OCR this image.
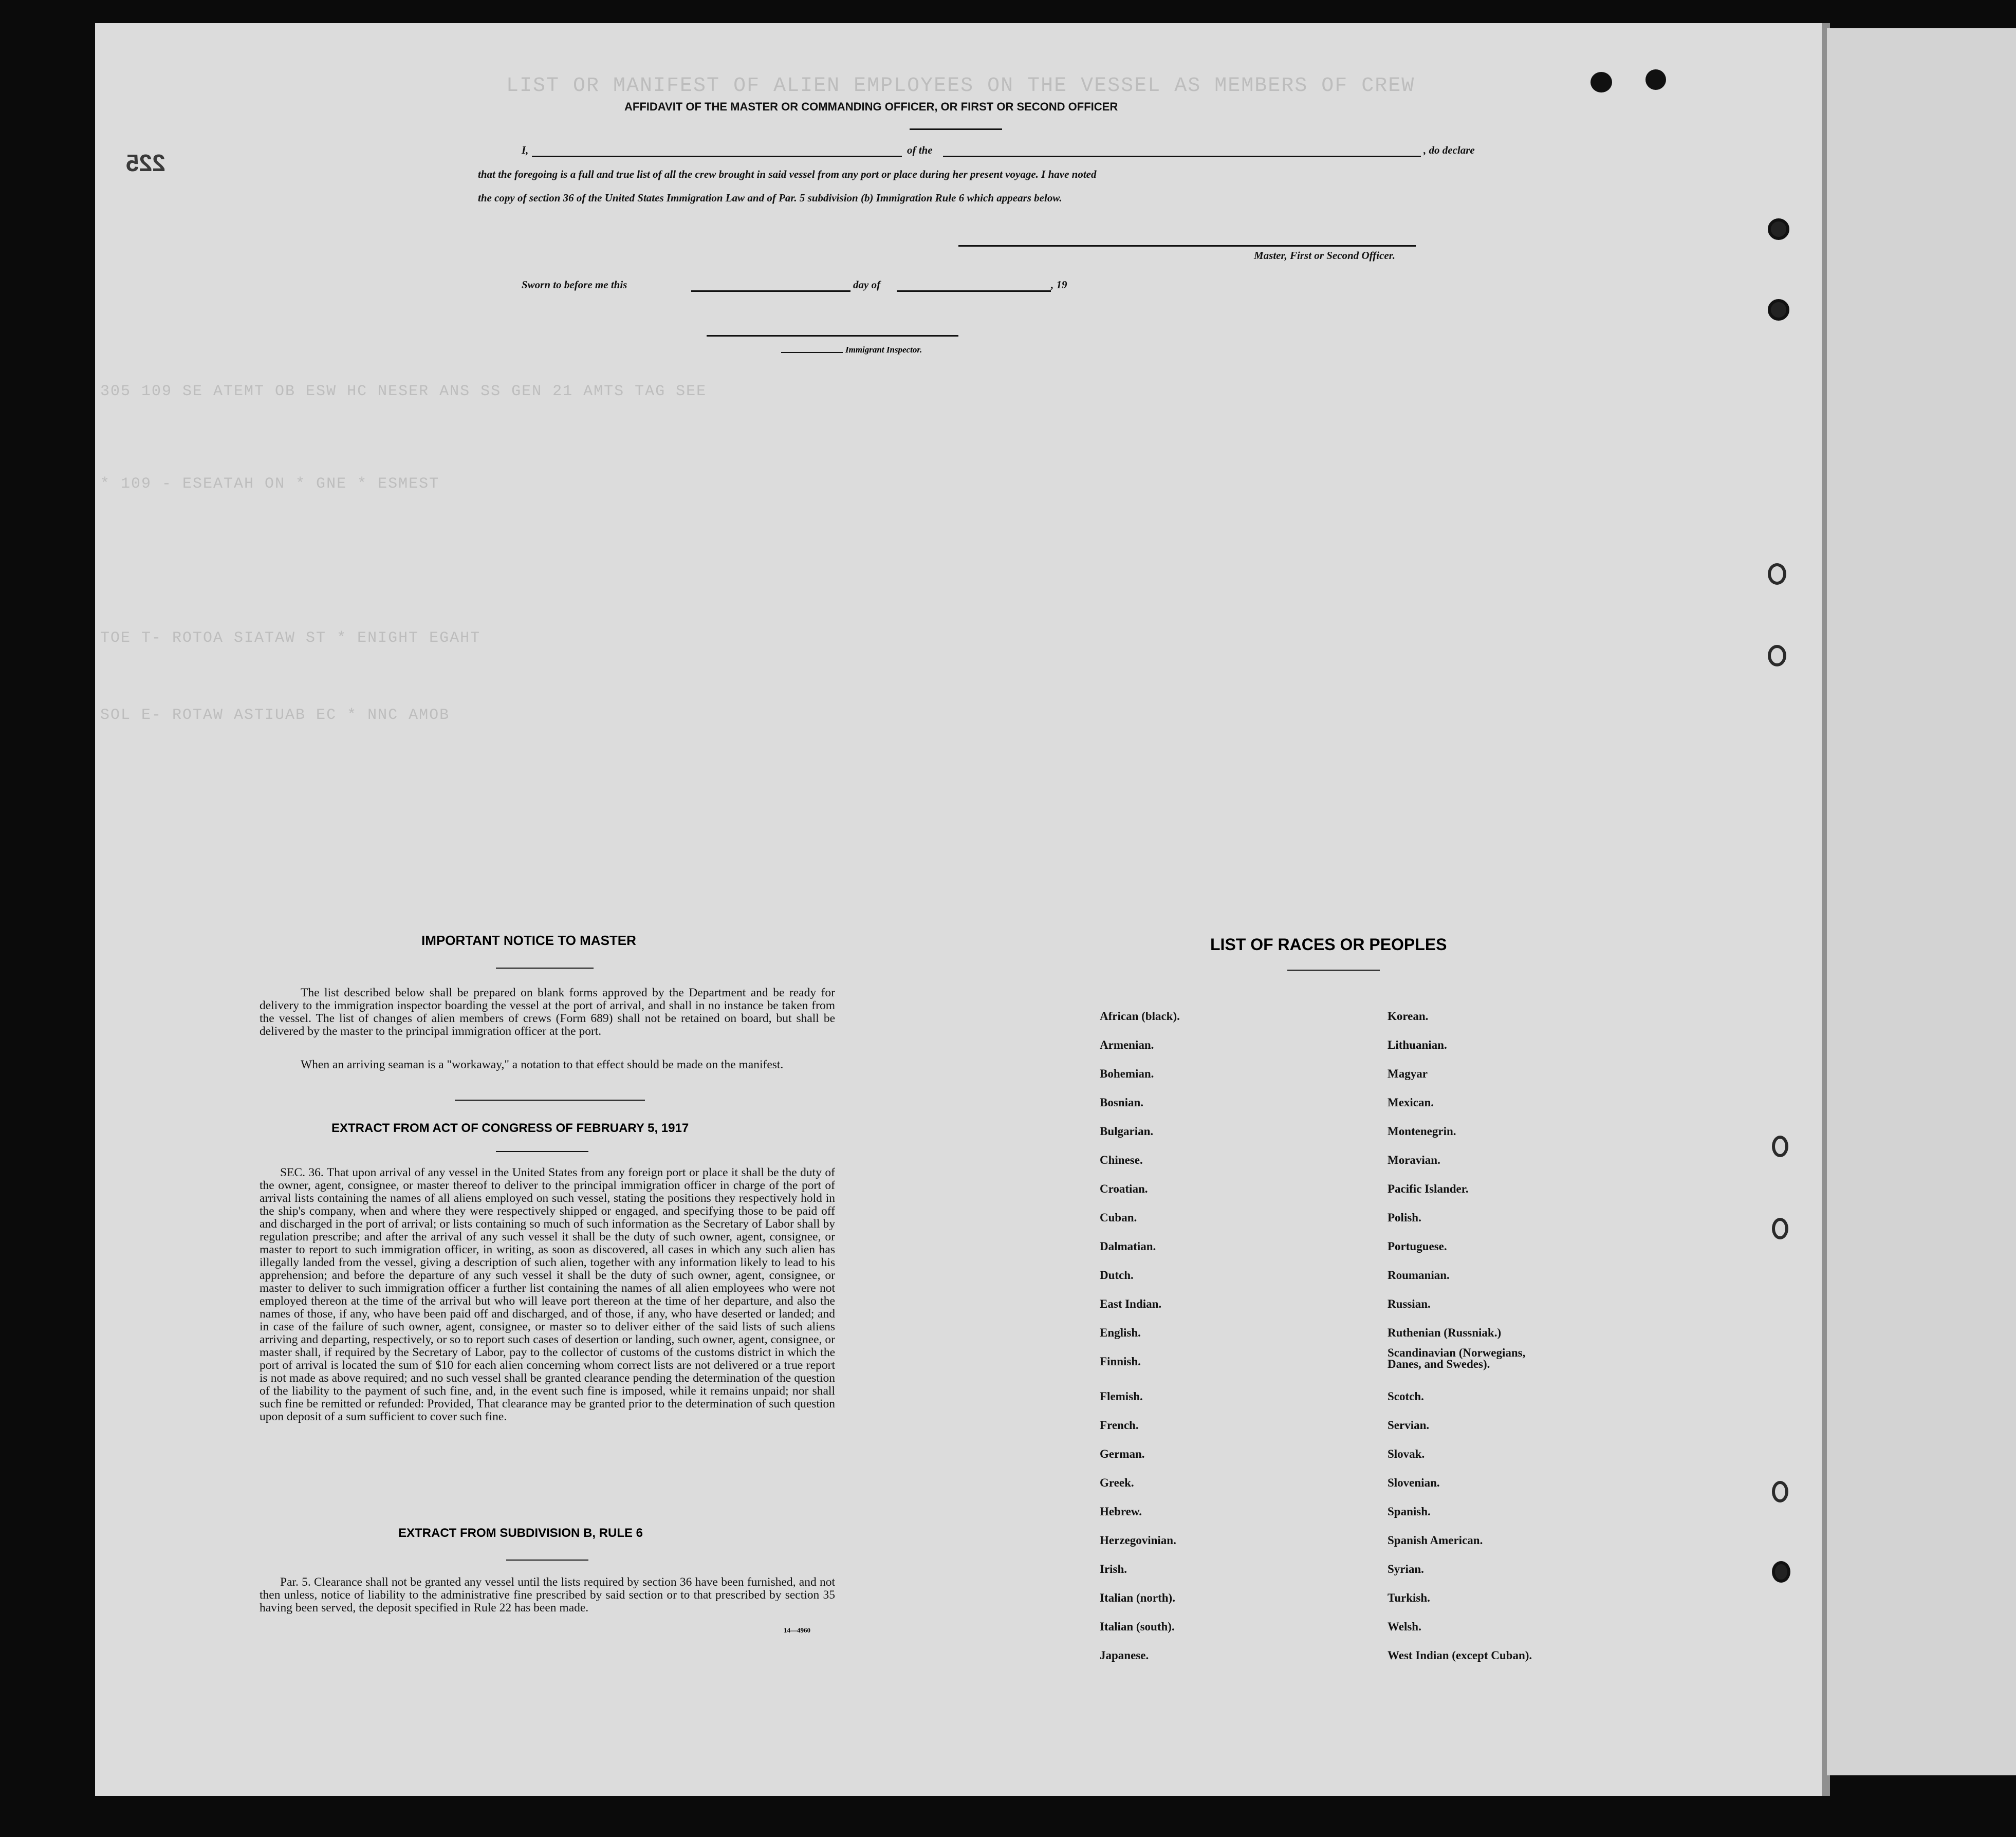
LIST OR MANIFEST OF ALIEN EMPLOYEES ON THE VESSEL AS MEMBERS OF CREW
305 109 SE ATEMT OB ESW HC NESER ANS SS GEN 21 AMTS TAG SEE
* 109 - ESEATAH ON * GNE * ESMEST
TOE T- ROTOA SIATAW ST * ENIGHT EGAHT
SOL E- ROTAW ASTIUAB EC * NNC AMOB
225
AFFIDAVIT OF THE MASTER OR COMMANDING OFFICER, OR FIRST OR SECOND OFFICER
I,	of the	, do declare
that the foregoing is a full and true list of all the crew brought in said vessel from any port or place during her present voyage. I have noted
the copy of section 36 of the United States Immigration Law and of Par. 5 subdivision (b) Immigration Rule 6 which appears below.
Master, First or Second Officer.
Sworn to before me this	day of	, 19
Immigrant Inspector.
IMPORTANT NOTICE TO MASTER
The list described below shall be prepared on blank forms approved by the Department and be ready for delivery to the immigration inspector boarding the vessel at the port of arrival, and shall in no instance be taken from the vessel. The list of changes of alien members of crews (Form 689) shall not be retained on board, but shall be delivered by the master to the principal immigration officer at the port.
When an arriving seaman is a "workaway," a notation to that effect should be made on the manifest.
EXTRACT FROM ACT OF CONGRESS OF FEBRUARY 5, 1917
SEC. 36. That upon arrival of any vessel in the United States from any foreign port or place it shall be the duty of the owner, agent, consignee, or master thereof to deliver to the principal immigration officer in charge of the port of arrival lists containing the names of all aliens employed on such vessel, stating the positions they respectively hold in the ship's company, when and where they were respectively shipped or engaged, and specifying those to be paid off and discharged in the port of arrival; or lists containing so much of such information as the Secretary of Labor shall by regulation prescribe; and after the arrival of any such vessel it shall be the duty of such owner, agent, consignee, or master to report to such immigration officer, in writing, as soon as discovered, all cases in which any such alien has illegally landed from the vessel, giving a description of such alien, together with any information likely to lead to his apprehension; and before the departure of any such vessel it shall be the duty of such owner, agent, consignee, or master to deliver to such immigration officer a further list containing the names of all alien employees who were not employed thereon at the time of the arrival but who will leave port thereon at the time of her departure, and also the names of those, if any, who have been paid off and discharged, and of those, if any, who have deserted or landed; and in case of the failure of such owner, agent, consignee, or master so to deliver either of the said lists of such aliens arriving and departing, respectively, or so to report such cases of desertion or landing, such owner, agent, consignee, or master shall, if required by the Secretary of Labor, pay to the collector of customs of the customs district in which the port of arrival is located the sum of $10 for each alien concerning whom correct lists are not delivered or a true report is not made as above required; and no such vessel shall be granted clearance pending the determination of the question of the liability to the payment of such fine, and, in the event such fine is imposed, while it remains unpaid; nor shall such fine be remitted or refunded: Provided, That clearance may be granted prior to the determination of such question upon deposit of a sum sufficient to cover such fine.
EXTRACT FROM SUBDIVISION B, RULE 6
Par. 5. Clearance shall not be granted any vessel until the lists required by section 36 have been furnished, and not then unless, notice of liability to the administrative fine prescribed by said section or to that prescribed by section 35 having been served, the deposit specified in Rule 22 has been made.
14—4960
LIST OF RACES OR PEOPLES
African (black).
Armenian.
Bohemian.
Bosnian.
Bulgarian.
Chinese.
Croatian.
Cuban.
Dalmatian.
Dutch.
East Indian.
English.
Finnish.
Flemish.
French.
German.
Greek.
Hebrew.
Herzegovinian.
Irish.
Italian (north).
Italian (south).
Japanese.
Korean.
Lithuanian.
Magyar
Mexican.
Montenegrin.
Moravian.
Pacific Islander.
Polish.
Portuguese.
Roumanian.
Russian.
Ruthenian (Russniak.)
Scandinavian (Norwegians, Danes, and Swedes).
Scotch.
Servian.
Slovak.
Slovenian.
Spanish.
Spanish American.
Syrian.
Turkish.
Welsh.
West Indian (except Cuban).
